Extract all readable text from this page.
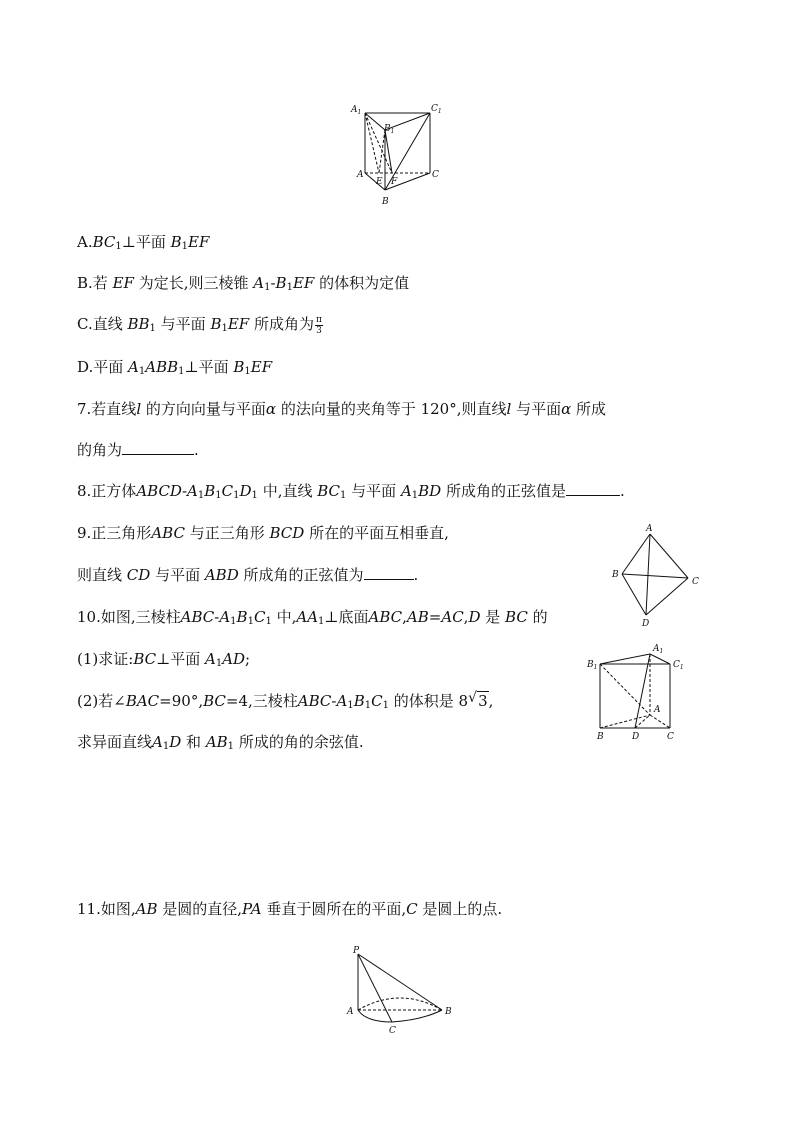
$A_1$	$C_1$
$B_1$
A
E F
C
B
$A.BC_1\perp$平面 $B_1EF$
B.若 EF 为定长,则三棱锥 $A_1-B_1EF$ 的体积为定值
C.直线 $BB_1$ 与平面 $B_1EF$ 所成角为 $\frac{\pi}{3}$
D.平面 $A_1ABB_1\perp$平面 $B_1EF$
7.若直线l 的方向向量与平面α 的法向量的夹角等于 120°,则直线l 与平面α 所成
的角为	.
8.正方体ABCD-$A_1B_1C_1D_1$ 中,直线 $BC_1$ 与平面 $A_1BD$ 所成角的正弦值是	.
9.正三角形ABC 与正三角形 BCD 所在的平面互相垂直,
则直线 CD 与平面 ABD 所成角的正弦值为	.
A
B
C
D
10.如图,三棱柱ABC-$A_1B_1C_1$ 中$,AA_1\perp$底面ABC,AB=AC,D 是 BC 的
(1)求证:BC⊥平面 $A_1AD$;
(2)若∠BAC=90°,BC=4,三棱柱ABC-$A_1B_1C_1$ 的体积是 8 √ 3,
求异面直线$A_1D$ 和 $AB_1$ 所成的角的余弦值.
$B_1$
$A_1$
$C_1$
A
B	D	C
11.如图,AB 是圆的直径,PA 垂直于圆所在的平面,C 是圆上的点.
P
A	B
C
